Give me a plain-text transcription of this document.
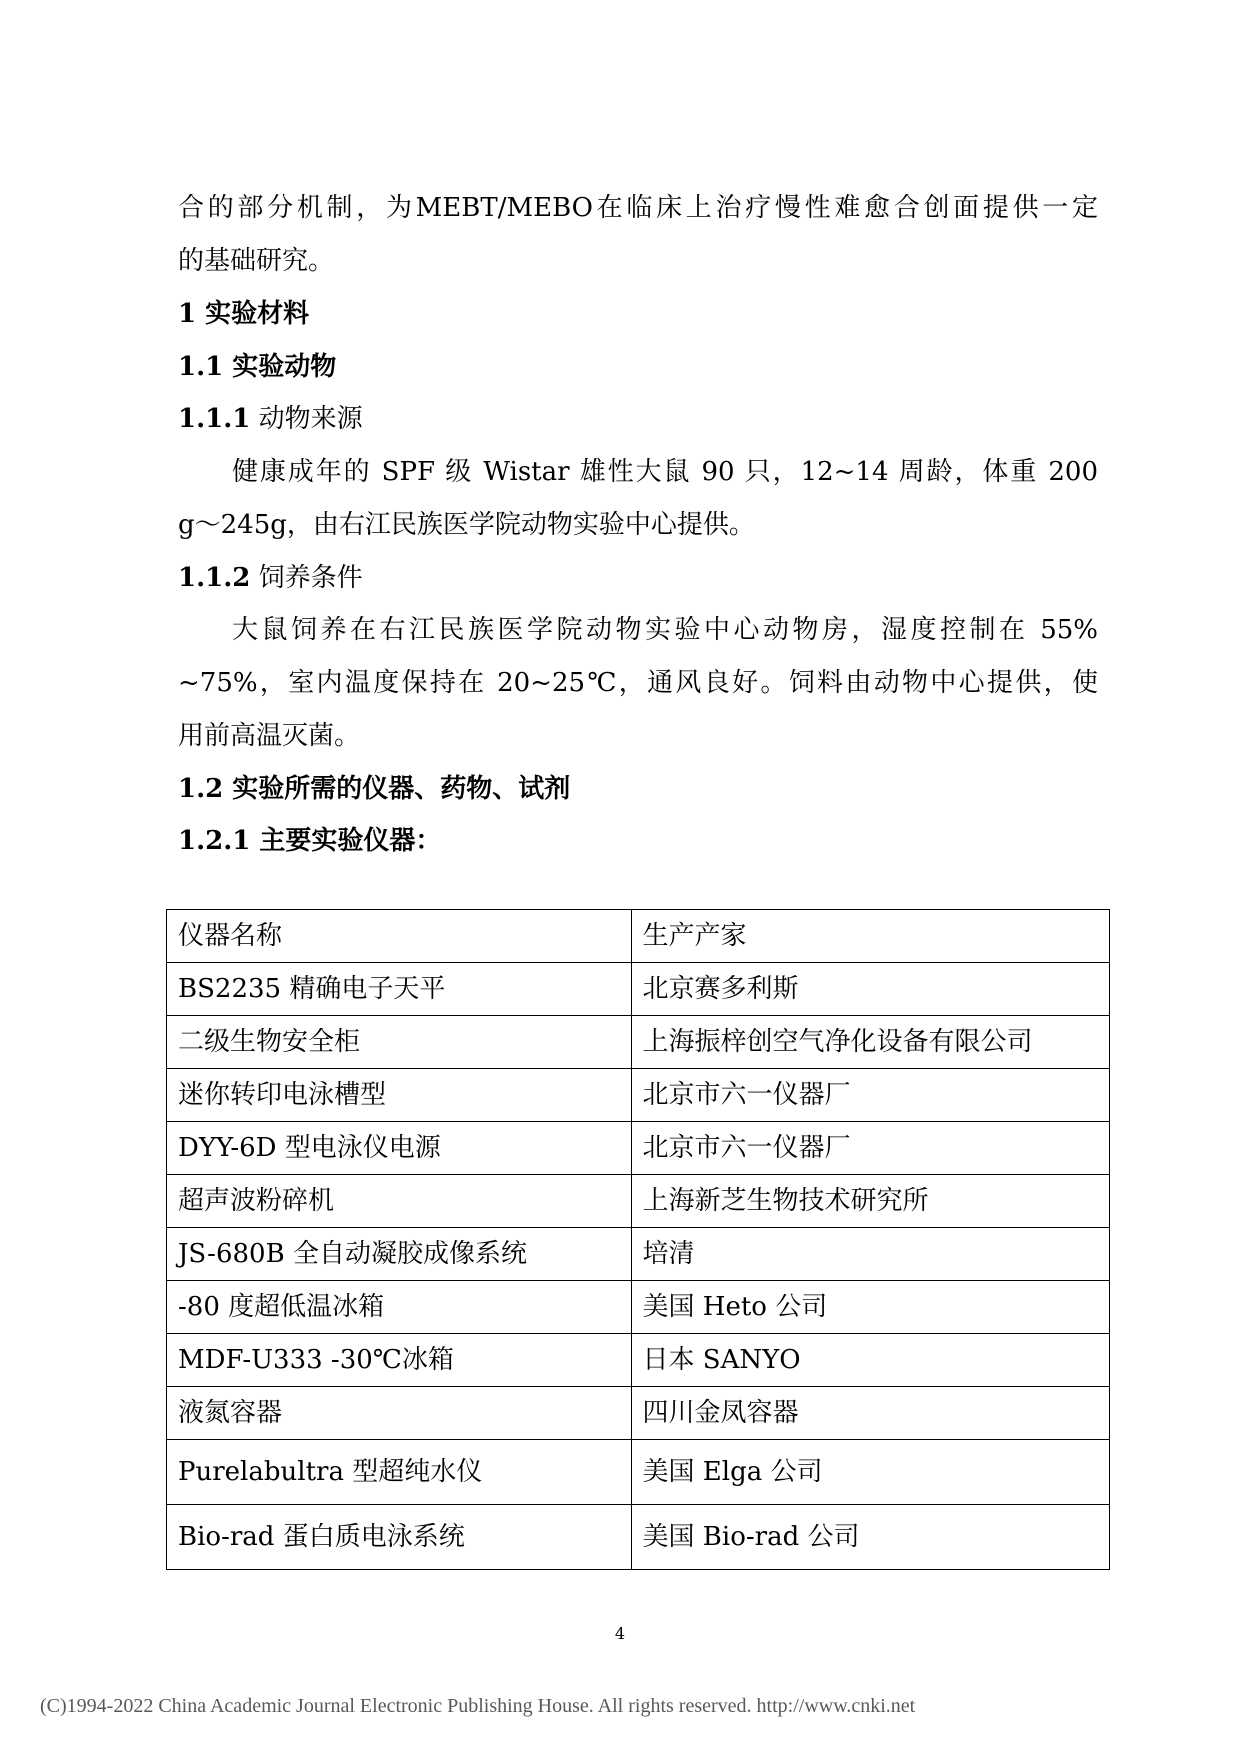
合的部分机制，为MEBT/MEBO在临床上治疗慢性难愈合创面提供一定
的基础研究。
1 实验材料
1.1 实验动物
1.1.1 动物来源
健康成年的 SPF 级 Wistar 雄性大鼠 90 只，12~14 周龄，体重 200
g～245g，由右江民族医学院动物实验中心提供。
1.1.2 饲养条件
大鼠饲养在右江民族医学院动物实验中心动物房，湿度控制在 55%
~75%，室内温度保持在 20~25℃，通风良好。饲料由动物中心提供，使
用前高温灭菌。
1.2 实验所需的仪器、药物、试剂
1.2.1 主要实验仪器：
仪器名称	生产产家
BS2235 精确电子天平	北京赛多利斯
二级生物安全柜	上海振梓创空气净化设备有限公司
迷你转印电泳槽型	北京市六一仪器厂
DYY-6D 型电泳仪电源	北京市六一仪器厂
超声波粉碎机	上海新芝生物技术研究所
JS-680B 全自动凝胶成像系统	培清
-80 度超低温冰箱	美国 Heto 公司
MDF-U333 -30℃冰箱	日本 SANYO
液氮容器	四川金凤容器
Purelabultra 型超纯水仪	美国 Elga 公司
Bio-rad 蛋白质电泳系统	美国 Bio-rad 公司
4
(C)1994-2022 China Academic Journal Electronic Publishing House. All rights reserved. http://www.cnki.net
